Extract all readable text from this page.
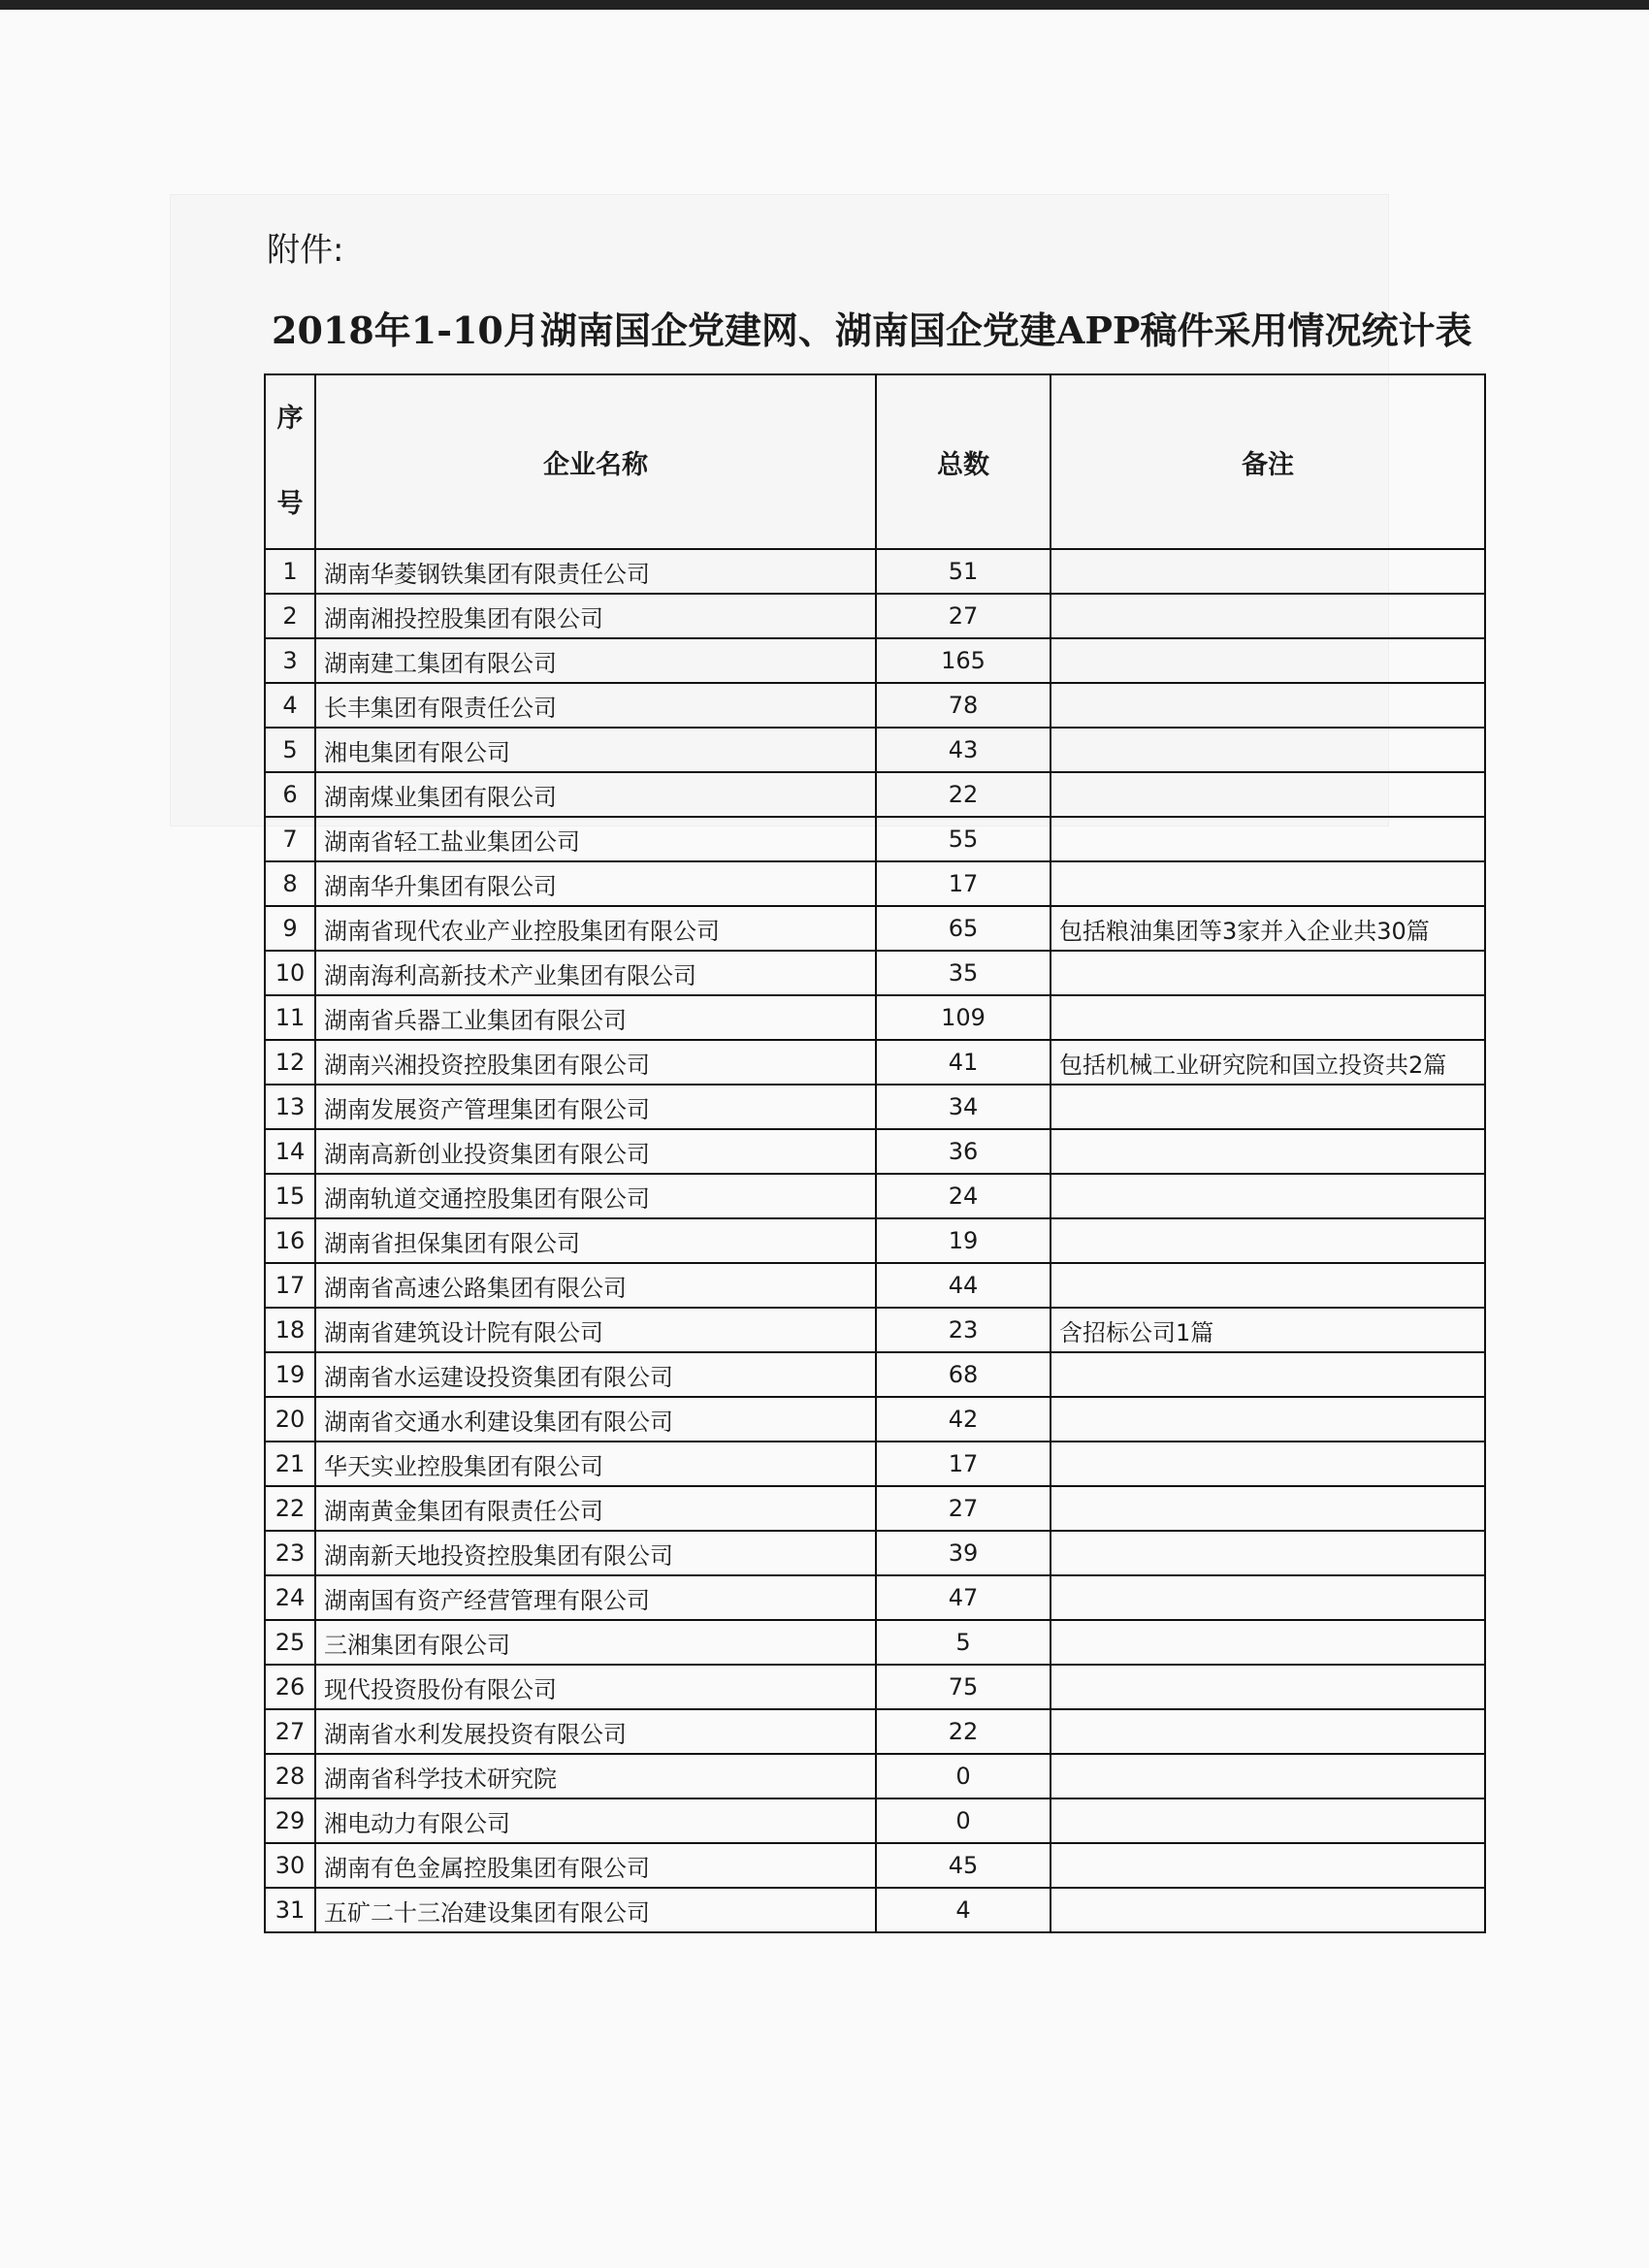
附件:
2018年1-10月湖南国企党建网、湖南国企党建APP稿件采用情况统计表
序
号	企业名称	总数	备注
1	湖南华菱钢铁集团有限责任公司	51	
2	湖南湘投控股集团有限公司	27	
3	湖南建工集团有限公司	165	
4	长丰集团有限责任公司	78	
5	湘电集团有限公司	43	
6	湖南煤业集团有限公司	22	
7	湖南省轻工盐业集团公司	55	
8	湖南华升集团有限公司	17	
9	湖南省现代农业产业控股集团有限公司	65	包括粮油集团等3家并入企业共30篇
10	湖南海利高新技术产业集团有限公司	35	
11	湖南省兵器工业集团有限公司	109	
12	湖南兴湘投资控股集团有限公司	41	包括机械工业研究院和国立投资共2篇
13	湖南发展资产管理集团有限公司	34	
14	湖南高新创业投资集团有限公司	36	
15	湖南轨道交通控股集团有限公司	24	
16	湖南省担保集团有限公司	19	
17	湖南省高速公路集团有限公司	44	
18	湖南省建筑设计院有限公司	23	含招标公司1篇
19	湖南省水运建设投资集团有限公司	68	
20	湖南省交通水利建设集团有限公司	42	
21	华天实业控股集团有限公司	17	
22	湖南黄金集团有限责任公司	27	
23	湖南新天地投资控股集团有限公司	39	
24	湖南国有资产经营管理有限公司	47	
25	三湘集团有限公司	5	
26	现代投资股份有限公司	75	
27	湖南省水利发展投资有限公司	22	
28	湖南省科学技术研究院	0	
29	湘电动力有限公司	0	
30	湖南有色金属控股集团有限公司	45	
31	五矿二十三冶建设集团有限公司	4	
